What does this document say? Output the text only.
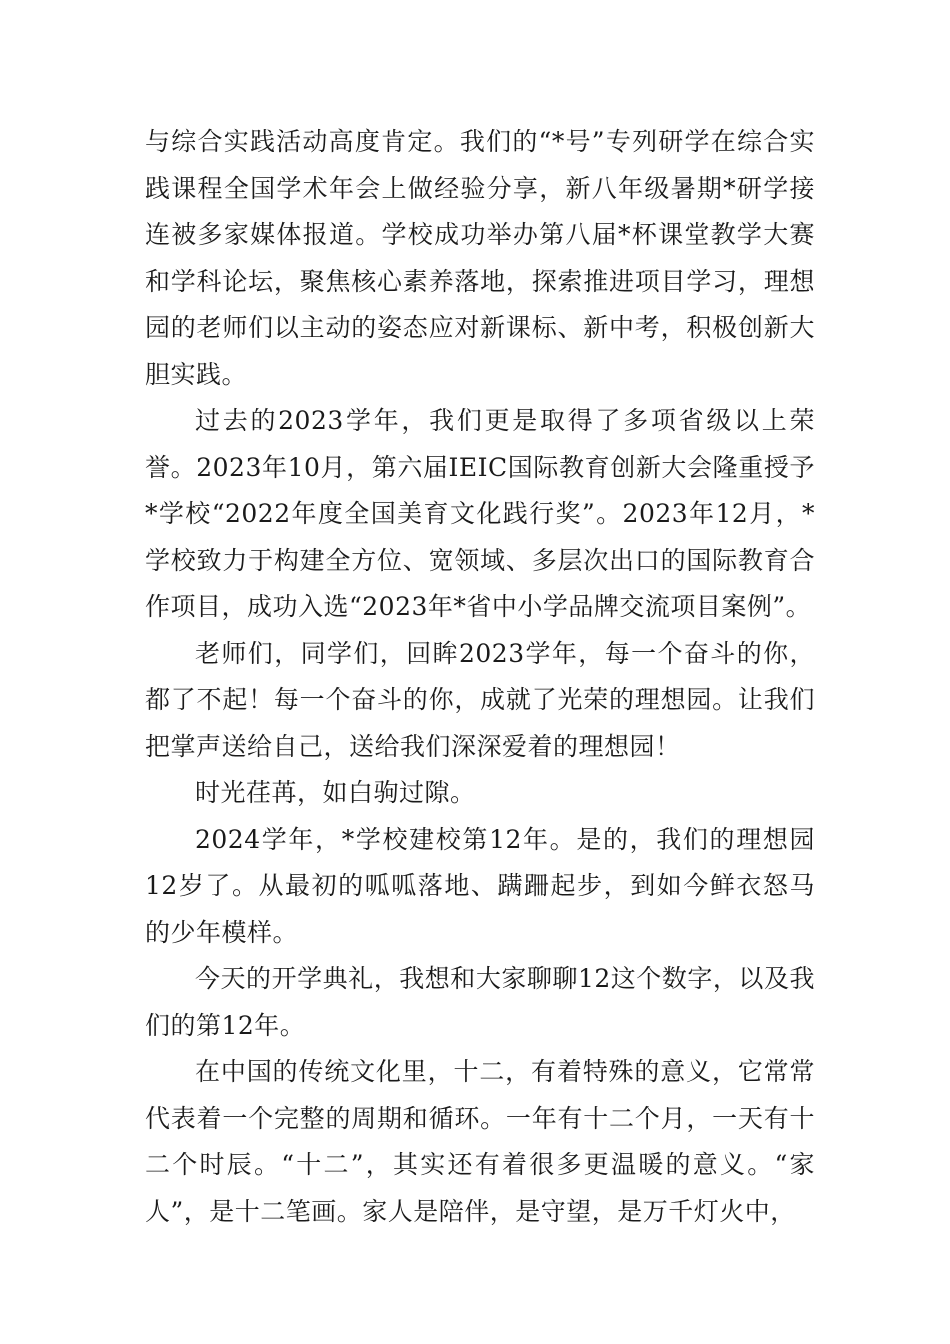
与综合实践活动高度肯定。我们的“*号”专列研学在综合实践课程全国学术年会上做经验分享，新八年级暑期*研学接连被多家媒体报道。学校成功举办第八届*杯课堂教学大赛和学科论坛，聚焦核心素养落地，探索推进项目学习，理想园的老师们以主动的姿态应对新课标、新中考，积极创新大胆实践。

过去的2023学年，我们更是取得了多项省级以上荣誉。2023年10月，第六届IEIC国际教育创新大会隆重授予*学校“2022年度全国美育文化践行奖”。2023年12月，*学校致力于构建全方位、宽领域、多层次出口的国际教育合作项目，成功入选“2023年*省中小学品牌交流项目案例”。

老师们，同学们，回眸2023学年，每一个奋斗的你，都了不起！每一个奋斗的你，成就了光荣的理想园。让我们把掌声送给自己，送给我们深深爱着的理想园！

时光荏苒，如白驹过隙。

2024学年，*学校建校第12年。是的，我们的理想园12岁了。从最初的呱呱落地、蹒跚起步，到如今鲜衣怒马的少年模样。

今天的开学典礼，我想和大家聊聊12这个数字，以及我们的第12年。

在中国的传统文化里，十二，有着特殊的意义，它常常代表着一个完整的周期和循环。一年有十二个月，一天有十二个时辰。“十二”，其实还有着很多更温暖的意义。“家人”，是十二笔画。家人是陪伴，是守望，是万千灯火中，
